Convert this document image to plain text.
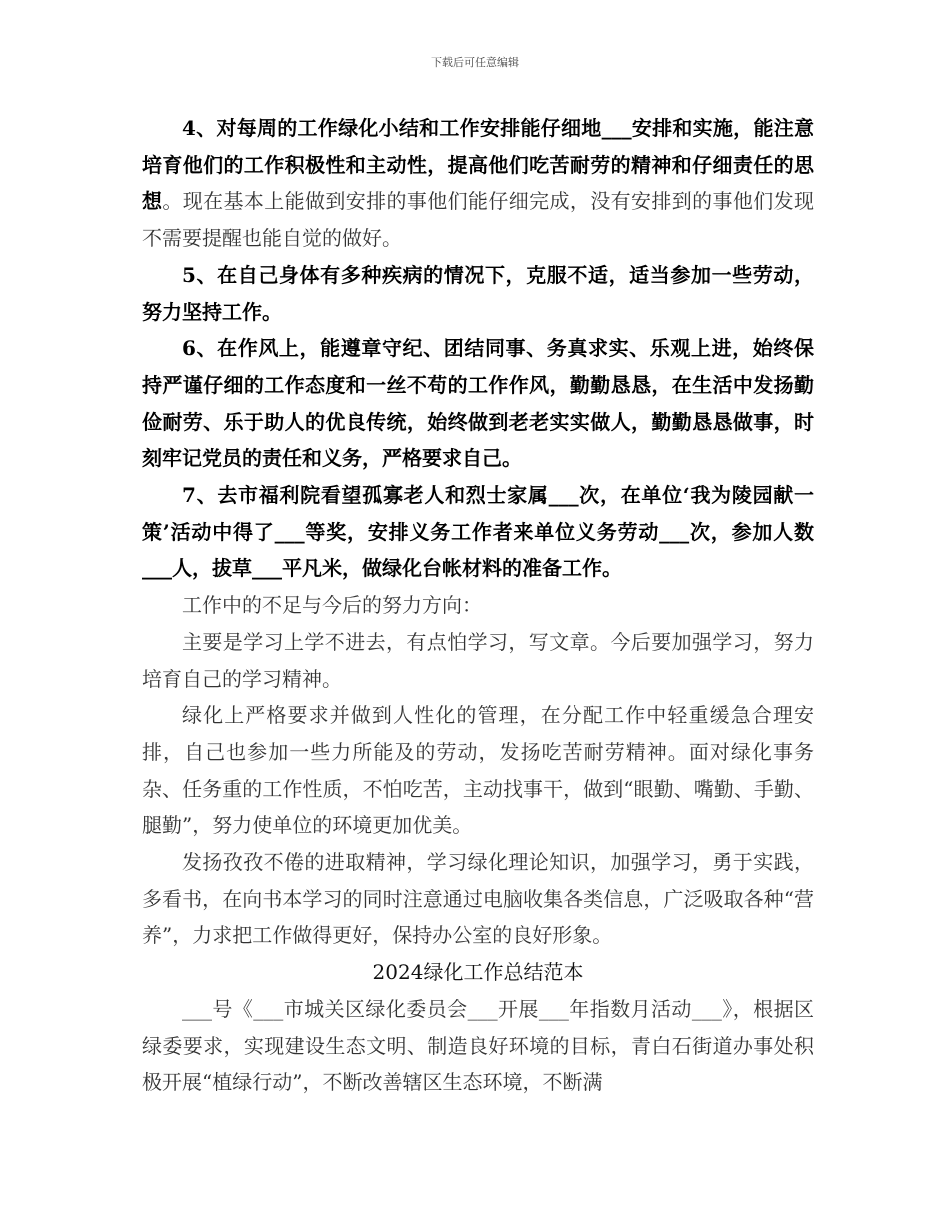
下载后可任意编辑

4、对每周的工作绿化小结和工作安排能仔细地___安排和实施，能注意培育他们的工作积极性和主动性，提高他们吃苦耐劳的精神和仔细责任的思想。现在基本上能做到安排的事他们能仔细完成，没有安排到的事他们发现不需要提醒也能自觉的做好。

5、在自己身体有多种疾病的情况下，克服不适，适当参加一些劳动，努力坚持工作。

6、在作风上，能遵章守纪、团结同事、务真求实、乐观上进，始终保持严谨仔细的工作态度和一丝不苟的工作作风，勤勤恳恳，在生活中发扬勤俭耐劳、乐于助人的优良传统，始终做到老老实实做人，勤勤恳恳做事，时刻牢记党员的责任和义务，严格要求自己。

7、去市福利院看望孤寡老人和烈士家属___次，在单位‘我为陵园献一策’活动中得了___等奖，安排义务工作者来单位义务劳动___次，参加人数___人，拔草___平凡米，做绿化台帐材料的准备工作。

工作中的不足与今后的努力方向：

主要是学习上学不进去，有点怕学习，写文章。今后要加强学习，努力培育自己的学习精神。

绿化上严格要求并做到人性化的管理，在分配工作中轻重缓急合理安排，自己也参加一些力所能及的劳动，发扬吃苦耐劳精神。面对绿化事务杂、任务重的工作性质，不怕吃苦，主动找事干，做到“眼勤、嘴勤、手勤、腿勤”，努力使单位的环境更加优美。

发扬孜孜不倦的进取精神，学习绿化理论知识，加强学习，勇于实践，多看书，在向书本学习的同时注意通过电脑收集各类信息，广泛吸取各种“营养”，力求把工作做得更好，保持办公室的良好形象。

2024绿化工作总结范本

___号《___市城关区绿化委员会___开展___年指数月活动___》，根据区绿委要求，实现建设生态文明、制造良好环境的目标，青白石街道办事处积极开展“植绿行动”，不断改善辖区生态环境，不断满
